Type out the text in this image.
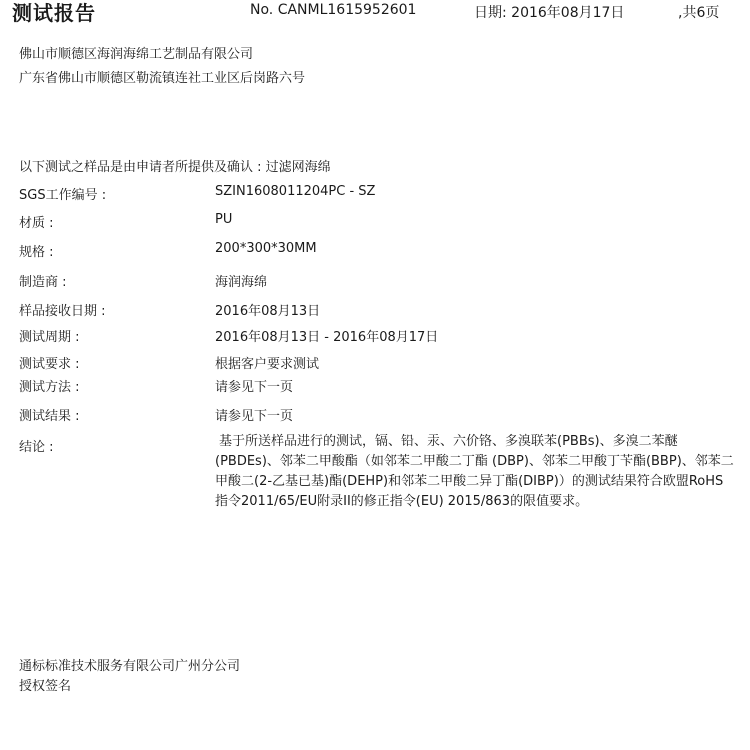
测试报告	No. CANML1615952601	日期: 2016年08月17日	,共6页
佛山市顺德区海润海绵工艺制品有限公司
广东省佛山市顺德区勒流镇连社工业区后岗路六号
以下测试之样品是由申请者所提供及确认 : 过滤网海绵
SGS工作编号 :	SZIN1608011204PC - SZ
材质 :	PU
规格 :	200*300*30MM
制造商 :	海润海绵
样品接收日期 :	2016年08月13日
测试周期 :	2016年08月13日 - 2016年08月17日
测试要求 :	根据客户要求测试
测试方法 :	请参见下一页
测试结果 :	请参见下一页
结论 :	基于所送样品进行的测试，镉、铅、汞、六价铬、多溴联苯(PBBs)、多溴二苯醚(PBDEs)、邻苯二甲酸酯（如邻苯二甲酸二丁酯 (DBP)、邻苯二甲酸丁苄酯(BBP)、邻苯二甲酸二(2-乙基已基)酯(DEHP)和邻苯二甲酸二异丁酯(DIBP)）的测试结果符合欧盟RoHS指令2011/65/EU附录II的修正指令(EU) 2015/863的限值要求。
通标标准技术服务有限公司广州分公司
授权签名
